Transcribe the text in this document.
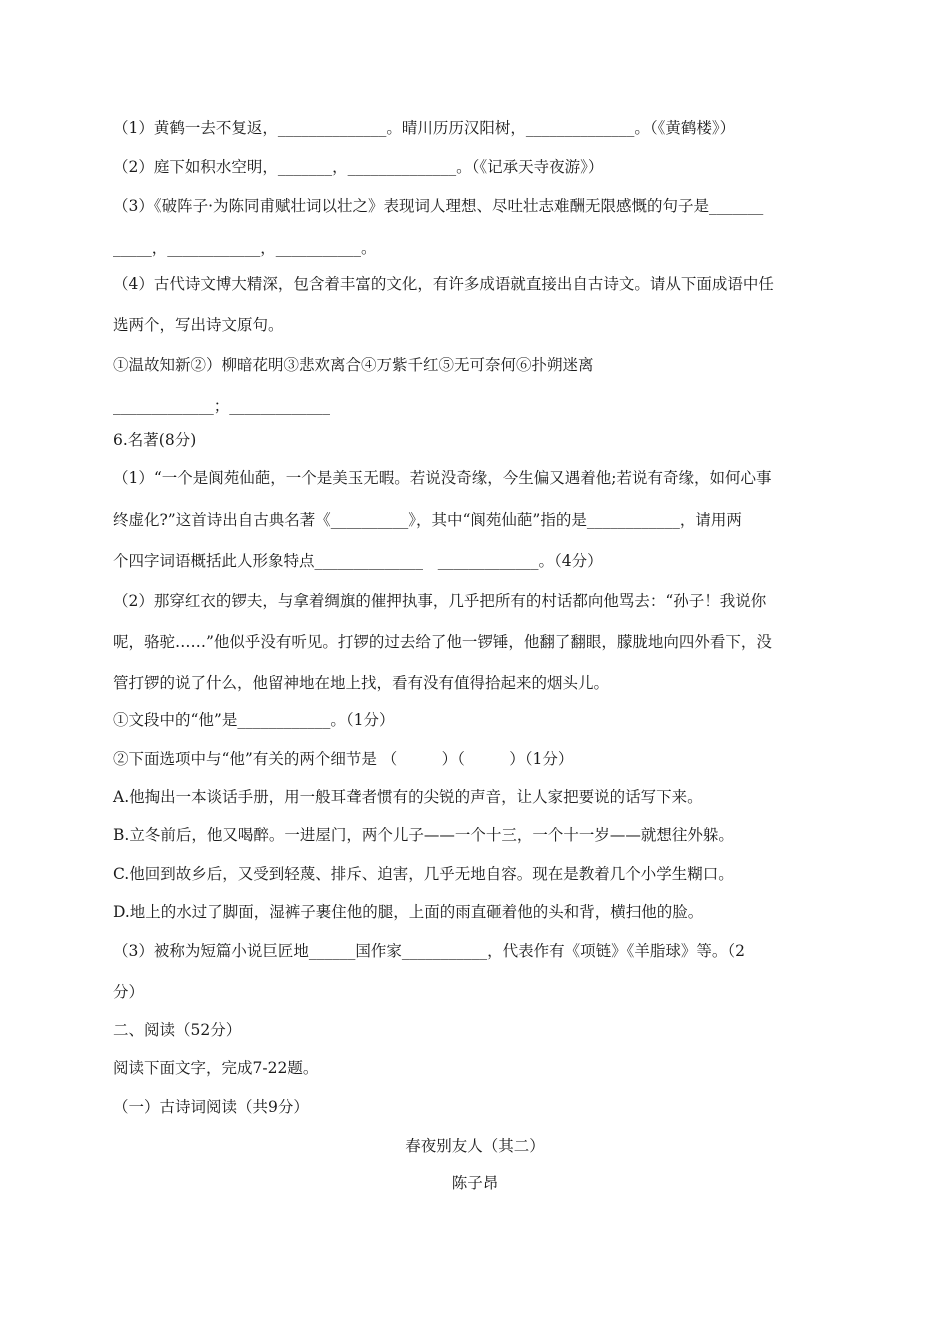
（1）黄鹤一去不复返，______________。晴川历历汉阳树，______________。（《黄鹤楼》）
（2）庭下如积水空明，_______，______________。（《记承天寺夜游》）
（3）《破阵子·为陈同甫赋壮词以壮之》表现词人理想、尽吐壮志难酬无限感慨的句子是_______
_____，____________，___________。
（4）古代诗文博大精深，包含着丰富的文化，有许多成语就直接出自古诗文。请从下面成语中任
选两个，写出诗文原句。
①温故知新②）柳暗花明③悲欢离合④万紫千红⑤无可奈何⑥扑朔迷离
_____________；_____________
6.名著(8分)
（1）“一个是阆苑仙葩，一个是美玉无暇。若说没奇缘，今生偏又遇着他;若说有奇缘，如何心事
终虚化?”这首诗出自古典名著《__________》，其中“阆苑仙葩”指的是____________，请用两
个四字词语概括此人形象特点______________   _____________。（4分）
（2）那穿红衣的锣夫，与拿着绸旗的催押执事，几乎把所有的村话都向他骂去：“孙子！我说你
呢，骆驼……”他似乎没有听见。打锣的过去给了他一锣锤，他翻了翻眼，朦胧地向四外看下，没
管打锣的说了什么，他留神地在地上找，看有没有值得拾起来的烟头儿。
①文段中的“他”是____________。（1分）
②下面选项中与“他”有关的两个细节是 （         ）（         ）（1分）
A.他掏出一本谈话手册，用一般耳聋者惯有的尖锐的声音，让人家把要说的话写下来。
B.立冬前后，他又喝醉。一进屋门，两个儿子——一个十三，一个十一岁——就想往外躲。
C.他回到故乡后，又受到轻蔑、排斥、迫害，几乎无地自容。现在是教着几个小学生糊口。
D.地上的水过了脚面，湿裤子裹住他的腿，上面的雨直砸着他的头和背，横扫他的脸。
（3）被称为短篇小说巨匠地______国作家___________，代表作有《项链》《羊脂球》等。（2
分）
二、阅读（52分）
阅读下面文字，完成7-22题。
（一）古诗词阅读（共9分）
春夜别友人（其二）
陈子昂
